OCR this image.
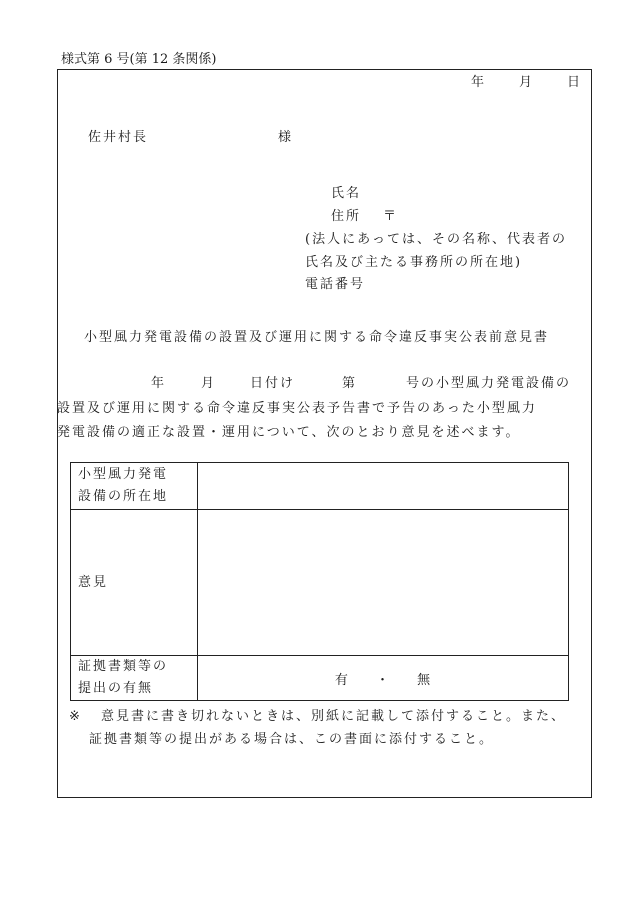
様式第 6 号(第 12 条関係)
年	月	日
佐井村長	様
氏名
住所 〒
(法人にあっては、その名称、代表者の
氏名及び主たる事務所の所在地)
電話番号
小型風力発電設備の設置及び運用に関する命令違反事実公表前意見書
年	月	日付け	第	号の小型風力発電設備の
設置及び運用に関する命令違反事実公表予告書で予告のあった小型風力
発電設備の適正な設置・運用について、次のとおり意見を述べます。
小型風力発電
設備の所在地	

意見	

証拠書類等の
提出の有無	有 ・ 無
※ 意見書に書き切れないときは、別紙に記載して添付すること。また、
証拠書類等の提出がある場合は、この書面に添付すること。
